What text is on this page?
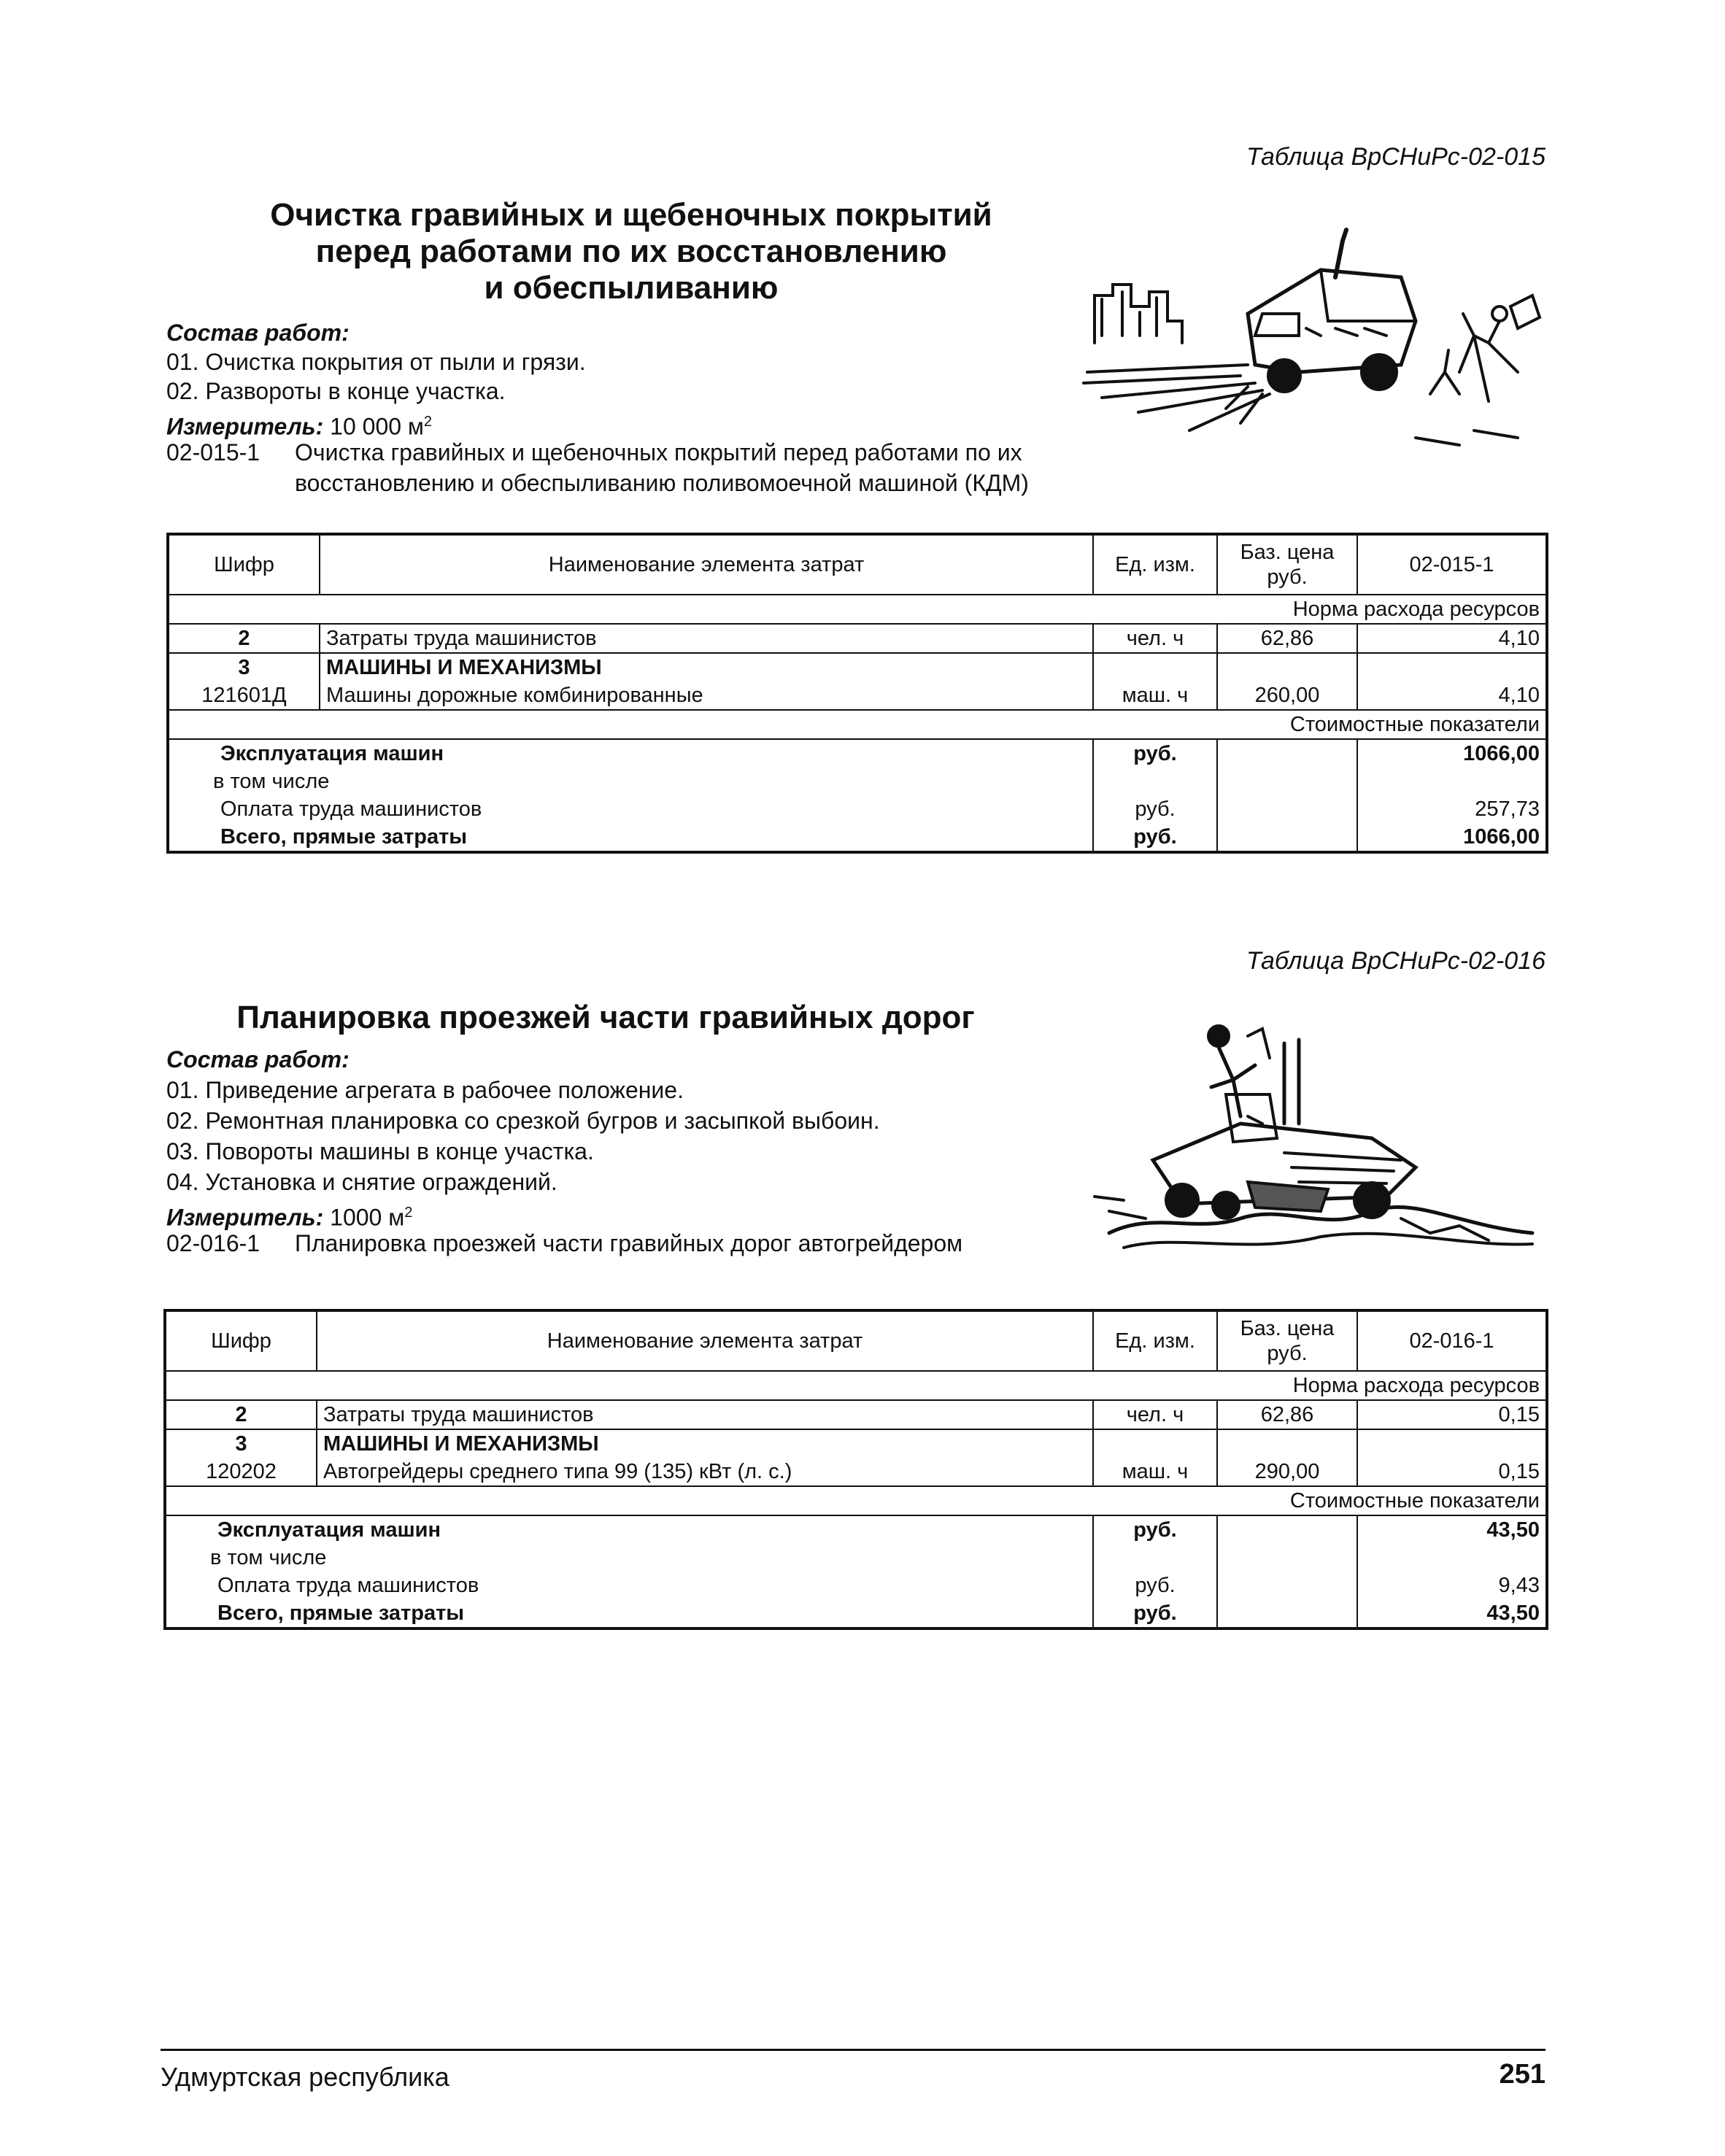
Таблица ВрСНиРс-02-015
Очистка гравийных и щебеночных покрытий
перед работами по их восстановлению
и обеспыливанию
Состав работ:
01. Очистка покрытия от пыли и грязи.
02. Развороты в конце участка.
Измеритель: 10 000 $м^2$
02-015-1 Очистка гравийных и щебеночных покрытий перед работами по их
восстановлению и обеспыливанию поливомоечной машиной (КДМ)
Шифр	Наименование элемента затрат	Ед. изм.	Баз. цена руб.	02-015-1
Норма расхода ресурсов				
2	Затраты труда машинистов	чел. ч	62,86	4,10
3	МАШИНЫ И МЕХАНИЗМЫ			
121601Д	Машины дорожные комбинированные	маш. ч	260,00	4,10
Стоимостные показатели				
Эксплуатация машин		руб.		1066,00
в том числе				
Оплата труда машинистов		руб.		257,73
Всего, прямые затраты		руб.		1066,00
Таблица ВрСНиРс-02-016
Планировка проезжей части гравийных дорог
Состав работ:
01. Приведение агрегата в рабочее положение.
02. Ремонтная планировка со срезкой бугров и засыпкой выбоин.
03. Повороты машины в конце участка.
04. Установка и снятие ограждений.
Измеритель: 1000 $м^2$
02-016-1 Планировка проезжей части гравийных дорог автогрейдером
Шифр	Наименование элемента затрат	Ед. изм.	Баз. цена руб.	02-016-1
Норма расхода ресурсов				
2	Затраты труда машинистов	чел. ч	62,86	0,15
3	МАШИНЫ И МЕХАНИЗМЫ			
120202	Автогрейдеры среднего типа 99 (135) кВт (л. с.)	маш. ч	290,00	0,15
Стоимостные показатели				
Эксплуатация машин		руб.		43,50
в том числе				
Оплата труда машинистов		руб.		9,43
Всего, прямые затраты		руб.		43,50
Удмуртская республика	251
